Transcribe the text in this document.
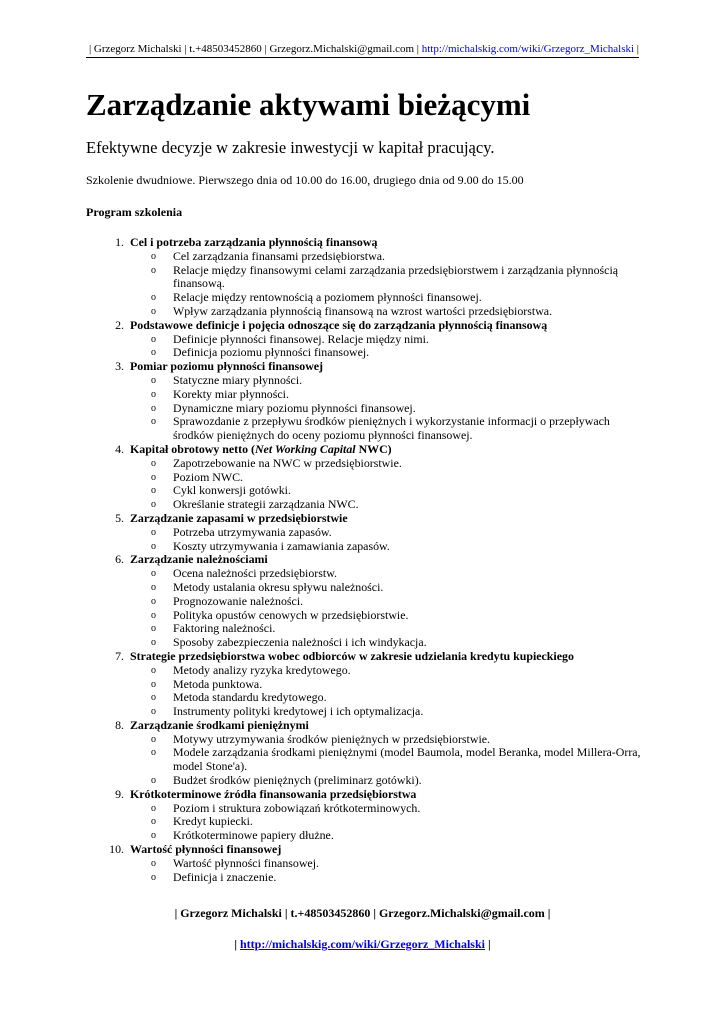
| Grzegorz Michalski | t.+48503452860 | Grzegorz.Michalski@gmail.com | http://michalskig.com/wiki/Grzegorz_Michalski |
Zarządzanie aktywami bieżącymi
Efektywne decyzje w zakresie inwestycji w kapitał pracujący.
Szkolenie dwudniowe. Pierwszego dnia od 10.00 do 16.00, drugiego dnia od 9.00 do 15.00
Program szkolenia
1. Cel i potrzeba zarządzania płynnością finansową
o Cel zarządzania finansami przedsiębiorstwa.
o Relacje między finansowymi celami zarządzania przedsiębiorstwem i zarządzania płynnością finansową.
o Relacje między rentownością a poziomem płynności finansowej.
o Wpływ zarządzania płynnością finansową na wzrost wartości przedsiębiorstwa.
2. Podstawowe definicje i pojęcia odnoszące się do zarządzania płynnością finansową
o Definicje płynności finansowej. Relacje między nimi.
o Definicja poziomu płynności finansowej.
3. Pomiar poziomu płynności finansowej
o Statyczne miary płynności.
o Korekty miar płynności.
o Dynamiczne miary poziomu płynności finansowej.
o Sprawozdanie z przepływu środków pieniężnych i wykorzystanie informacji o przepływach środków pieniężnych do oceny poziomu płynności finansowej.
4. Kapitał obrotowy netto (Net Working Capital NWC)
o Zapotrzebowanie na NWC w przedsiębiorstwie.
o Poziom NWC.
o Cykl konwersji gotówki.
o Określanie strategii zarządzania NWC.
5. Zarządzanie zapasami w przedsiębiorstwie
o Potrzeba utrzymywania zapasów.
o Koszty utrzymywania i zamawiania zapasów.
6. Zarządzanie należnościami
o Ocena należności przedsiębiorstw.
o Metody ustalania okresu spływu należności.
o Prognozowanie należności.
o Polityka opustów cenowych w przedsiębiorstwie.
o Faktoring należności.
o Sposoby zabezpieczenia należności i ich windykacja.
7. Strategie przedsiębiorstwa wobec odbiorców w zakresie udzielania kredytu kupieckiego
o Metody analizy ryzyka kredytowego.
o Metoda punktowa.
o Metoda standardu kredytowego.
o Instrumenty polityki kredytowej i ich optymalizacja.
8. Zarządzanie środkami pieniężnymi
o Motywy utrzymywania środków pieniężnych w przedsiębiorstwie.
o Modele zarządzania środkami pieniężnymi (model Baumola, model Beranka, model Millera-Orra, model Stone'a).
o Budżet środków pieniężnych (preliminarz gotówki).
9. Krótkoterminowe źródła finansowania przedsiębiorstwa
o Poziom i struktura zobowiązań krótkoterminowych.
o Kredyt kupiecki.
o Krótkoterminowe papiery dłużne.
10. Wartość płynności finansowej
o Wartość płynności finansowej.
o Definicja i znaczenie.
| Grzegorz Michalski | t.+48503452860 | Grzegorz.Michalski@gmail.com |
| http://michalskig.com/wiki/Grzegorz_Michalski |
